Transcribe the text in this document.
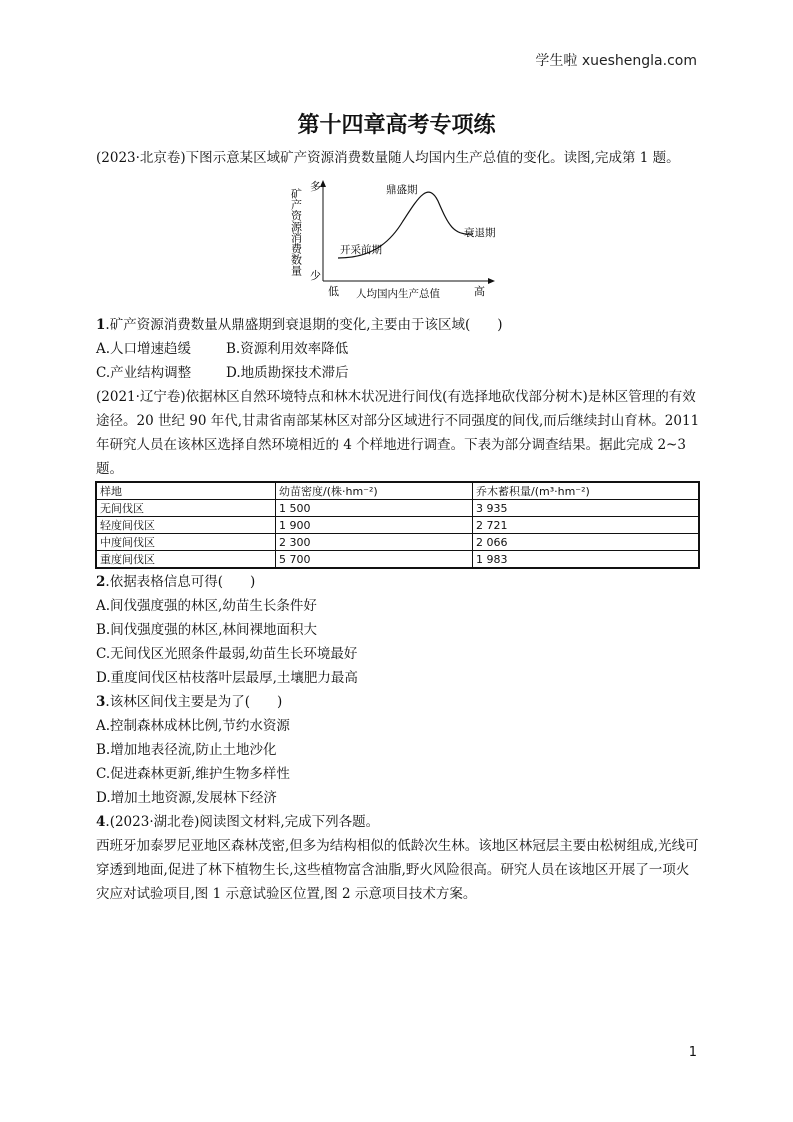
学生啦 xueshengla.com
第十四章高考专项练
(2023·北京卷)下图示意某区域矿产资源消费数量随人均国内生产总值的变化。读图,完成第 1 题。
矿产资源消费数量
多
少
低 人均国内生产总值	高
开采前期
鼎盛期
衰退期
1.矿产资源消费数量从鼎盛期到衰退期的变化,主要由于该区域(　　)
A.人口增速趋缓	B.资源利用效率降低
C.产业结构调整	D.地质勘探技术滞后
(2021·辽宁卷)依据林区自然环境特点和林木状况进行间伐(有选择地砍伐部分树木)是林区管理的有效途径。20 世纪 90 年代,甘肃省南部某林区对部分区域进行不同强度的间伐,而后继续封山育林。2011 年研究人员在该林区选择自然环境相近的 4 个样地进行调查。下表为部分调查结果。据此完成 2~3 题。
样地	幼苗密度/(株·hm⁻²)	乔木蓄积量/(m³·hm⁻²)
无间伐区	1 500	3 935
轻度间伐区	1 900	2 721
中度间伐区	2 300	2 066
重度间伐区	5 700	1 983
2.依据表格信息可得(　　)
A.间伐强度强的林区,幼苗生长条件好
B.间伐强度强的林区,林间裸地面积大
C.无间伐区光照条件最弱,幼苗生长环境最好
D.重度间伐区枯枝落叶层最厚,土壤肥力最高
3.该林区间伐主要是为了(　　)
A.控制森林成林比例,节约水资源
B.增加地表径流,防止土地沙化
C.促进森林更新,维护生物多样性
D.增加土地资源,发展林下经济
4.(2023·湖北卷)阅读图文材料,完成下列各题。
西班牙加泰罗尼亚地区森林茂密,但多为结构相似的低龄次生林。该地区林冠层主要由松树组成,光线可穿透到地面,促进了林下植物生长,这些植物富含油脂,野火风险很高。研究人员在该地区开展了一项火灾应对试验项目,图 1 示意试验区位置,图 2 示意项目技术方案。
1
